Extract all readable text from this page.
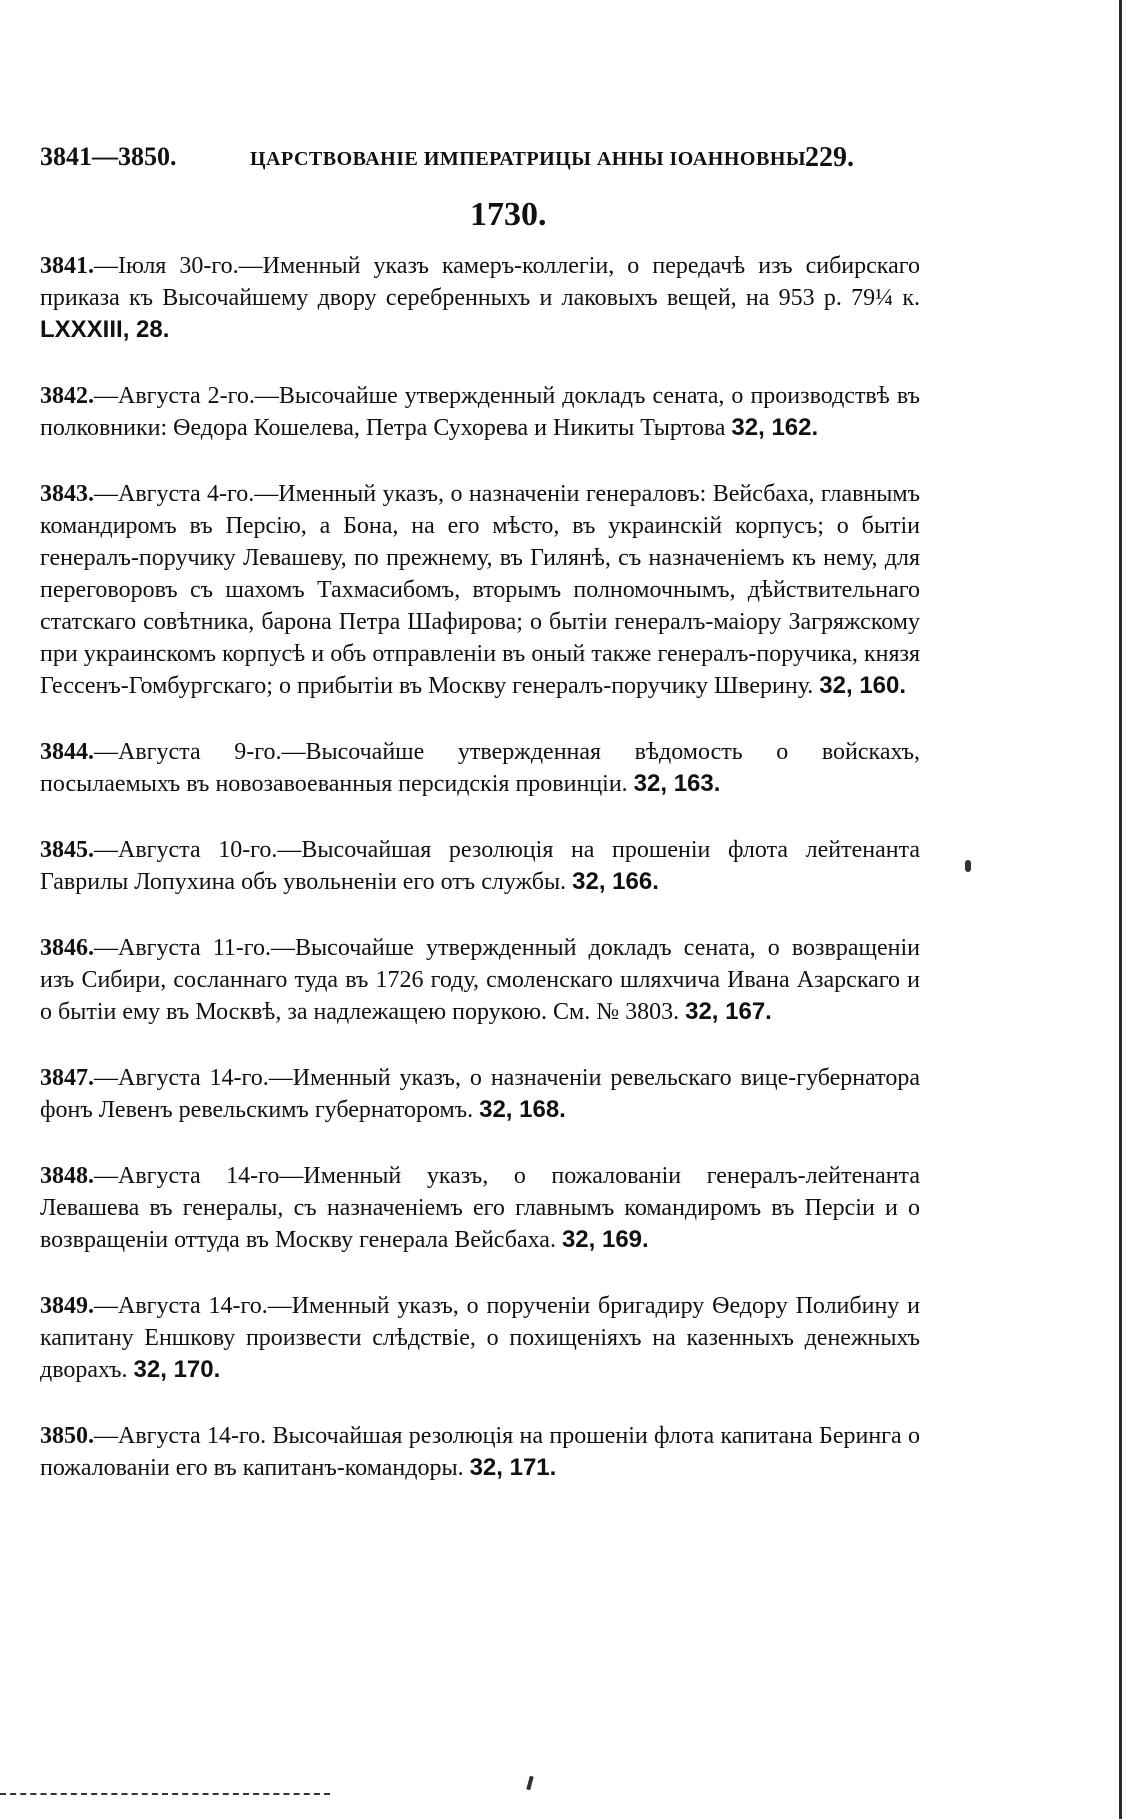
3841—3850.	ЦАРСТВОВАНІЕ ИМПЕРАТРИЦЫ АННЫ ІОАННОВНЫ.
229.
1730.

3841.—Іюля 30-го.—Именный указъ камеръ-коллегіи, о передачѣ изъ сибирскаго приказа къ Высочайшему двору серебренныхъ и лаковыхъ вещей, на 953 р. 79¼ к. LXXXIII, 28.

3842.—Августа 2-го.—Высочайше утвержденный докладъ сената, о производствѣ въ полковники: Ѳедора Кошелева, Петра Сухорева и Никиты Тыртова 32, 162.

3843.—Августа 4-го.—Именный указъ, о назначеніи генераловъ: Вейсбаха, главнымъ командиромъ въ Персію, а Бона, на его мѣсто, въ украинскій корпусъ; о бытіи генералъ-поручику Левашеву, по прежнему, въ Гилянѣ, съ назначеніемъ къ нему, для переговоровъ съ шахомъ Тахмасибомъ, вторымъ полномочнымъ, дѣйствительнаго статскаго совѣтника, барона Петра Шафирова; о бытіи генералъ-маіору Загряжскому при украинскомъ корпусѣ и объ отправленіи въ оный также генералъ-поручика, князя Гессенъ-Гомбургскаго; о прибытіи въ Москву генералъ-поручику Шверину. 32, 160.

3844.—Августа 9-го.—Высочайше утвержденная вѣдомость о войскахъ, посылаемыхъ въ новозавоеванныя персидскія провинціи. 32, 163.

3845.—Августа 10-го.—Высочайшая резолюція на прошеніи флота лейтенанта Гаврилы Лопухина объ увольненіи его отъ службы. 32, 166.

3846.—Августа 11-го.—Высочайше утвержденный докладъ сената, о возвращеніи изъ Сибири, сосланнаго туда въ 1726 году, смоленскаго шляхчича Ивана Азарскаго и о бытіи ему въ Москвѣ, за надлежащею порукою. См. № 3803. 32, 167.

3847.—Августа 14-го.—Именный указъ, о назначеніи ревельскаго вице-губернатора фонъ Левенъ ревельскимъ губернаторомъ. 32, 168.

3848.—Августа 14-го—Именный указъ, о пожалованіи генералъ-лейтенанта Левашева въ генералы, съ назначеніемъ его главнымъ командиромъ въ Персіи и о возвращеніи оттуда въ Москву генерала Вейсбаха. 32, 169.

3849.—Августа 14-го.—Именный указъ, о порученіи бригадиру Ѳедору Полибину и капитану Еншкову произвести слѣдствіе, о похищеніяхъ на казенныхъ денежныхъ дворахъ. 32, 170.

3850.—Августа 14-го. Высочайшая резолюція на прошеніи флота капитана Беринга о пожалованіи его въ капитанъ-командоры. 32, 171.
